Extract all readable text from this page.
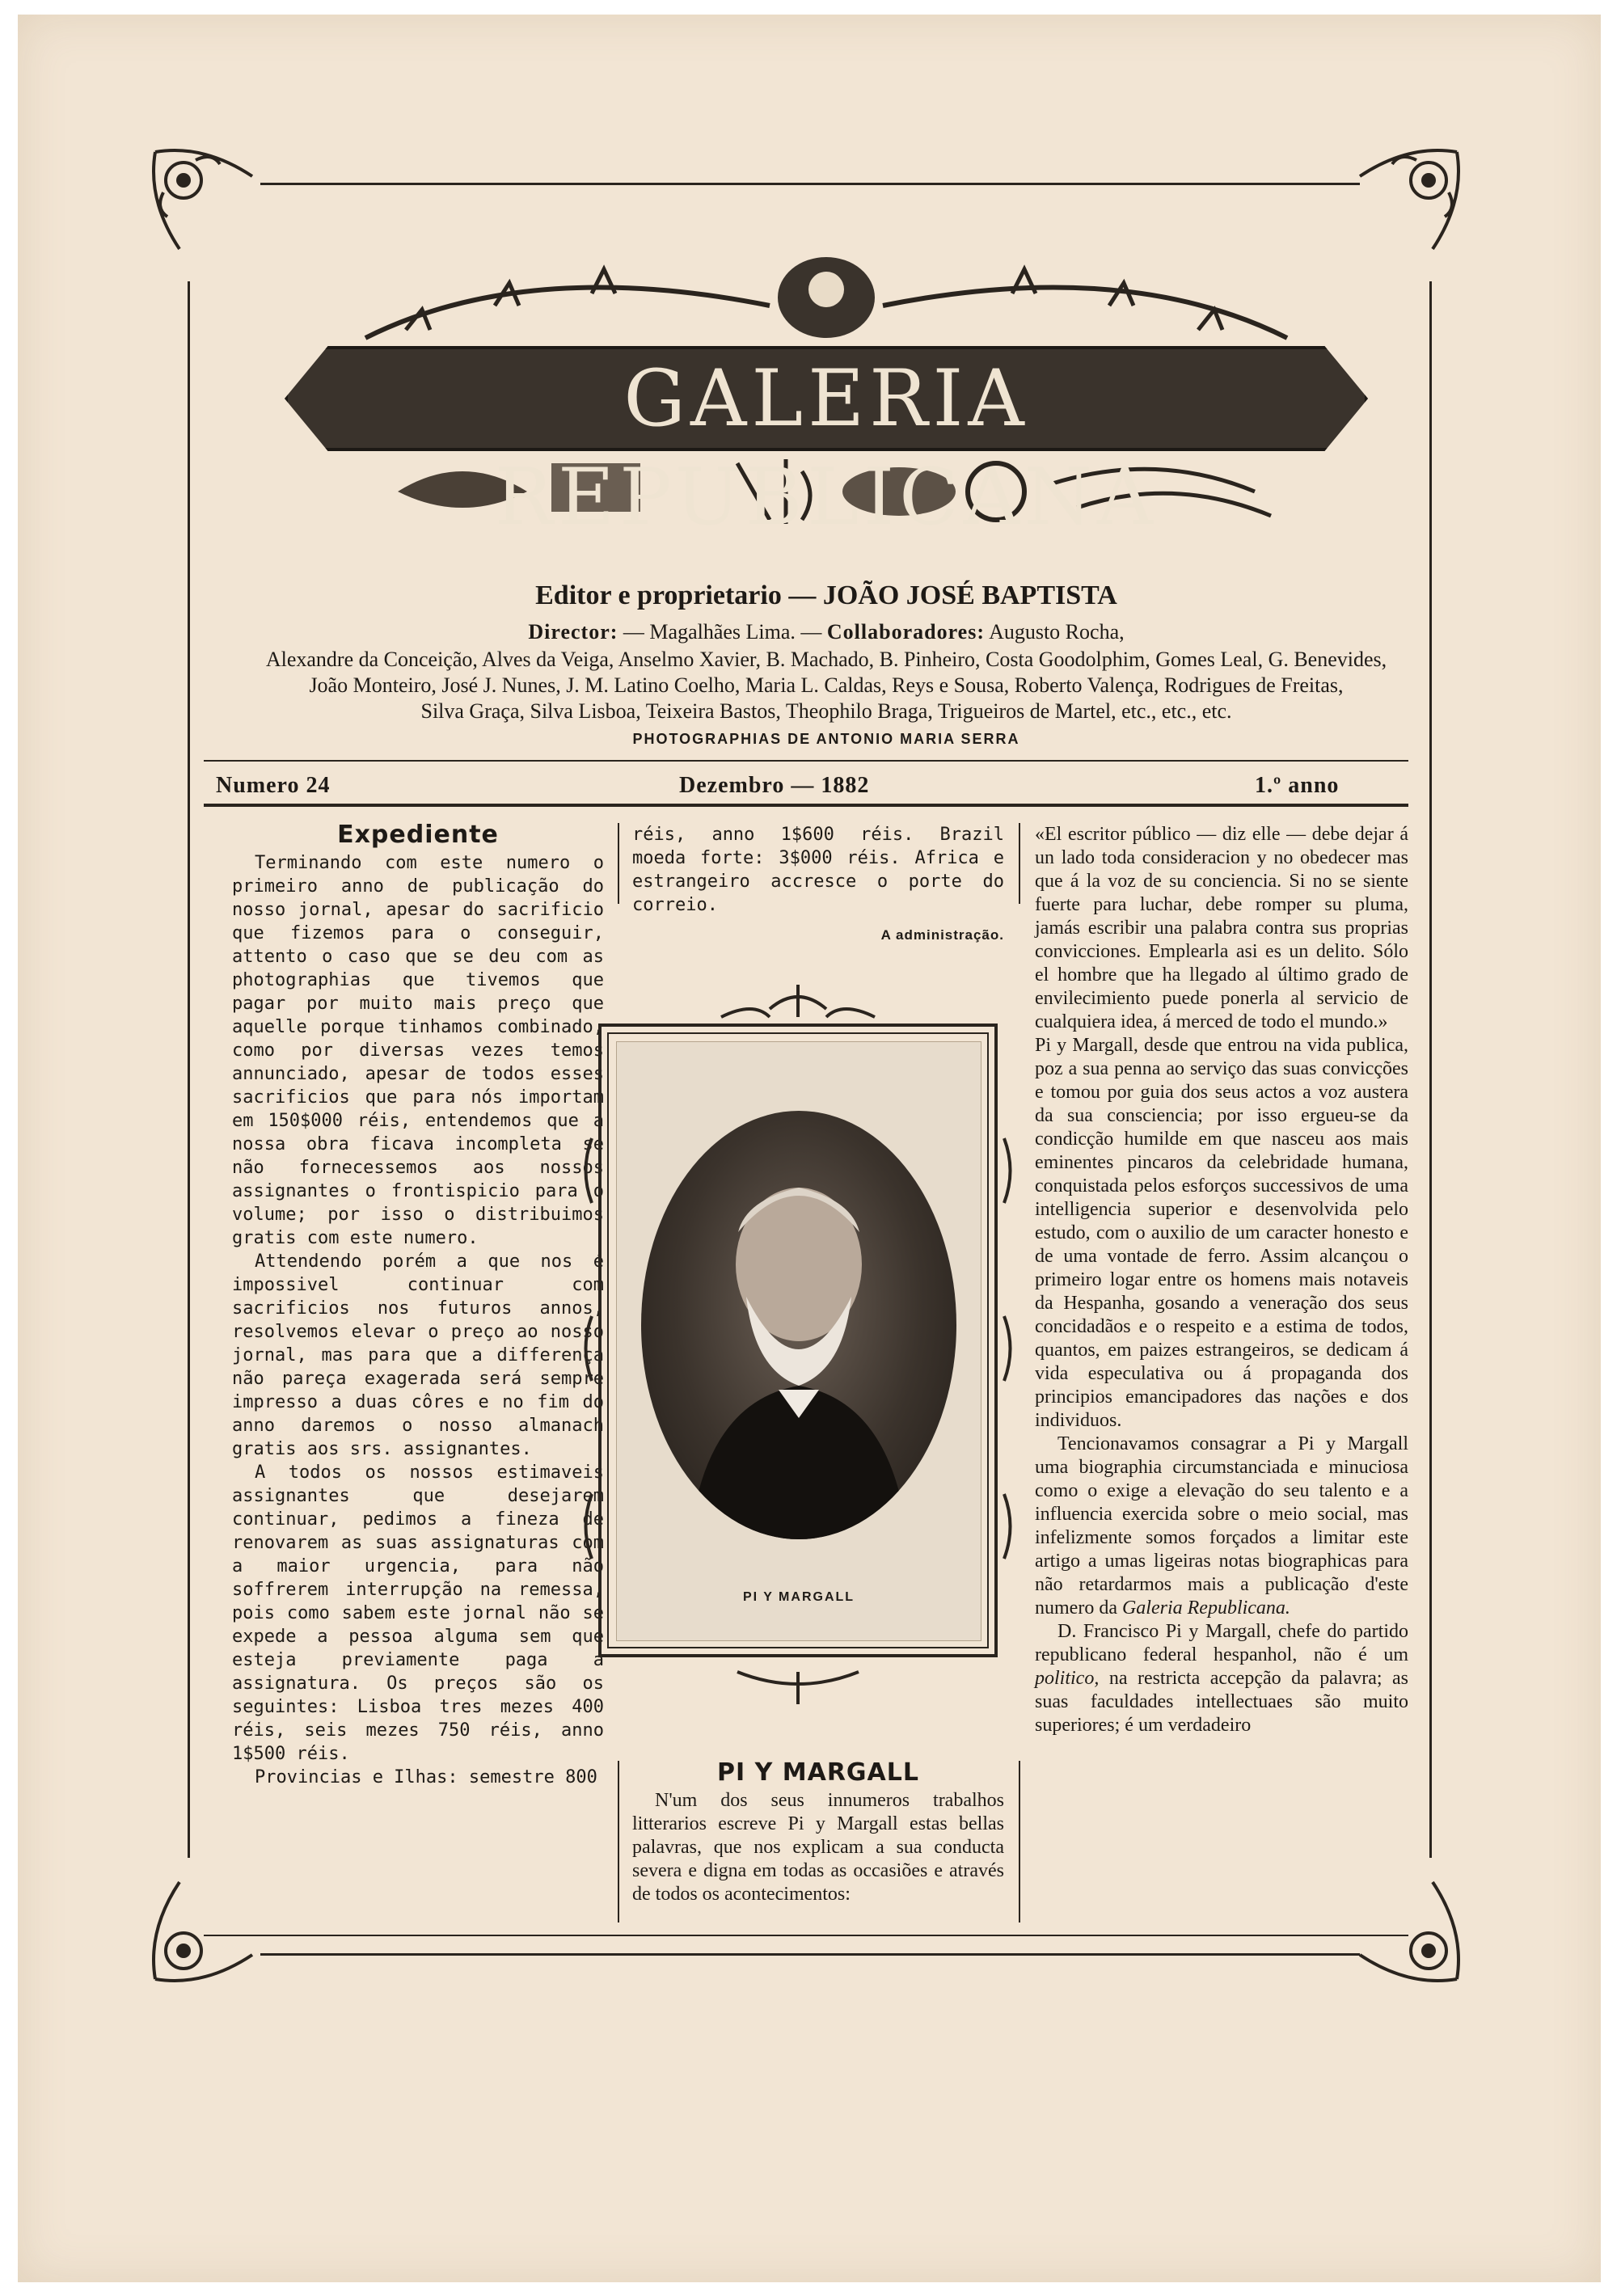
GALERIA REPUBLICANA
Editor e proprietario — JOÃO JOSÉ BAPTISTA
Director: — Magalhães Lima. — Collaboradores: Augusto Rocha,
Alexandre da Conceição, Alves da Veiga, Anselmo Xavier, B. Machado, B. Pinheiro, Costa Goodolphim, Gomes Leal, G. Benevides,
João Monteiro, José J. Nunes, J. M. Latino Coelho, Maria L. Caldas, Reys e Sousa, Roberto Valença, Rodrigues de Freitas,
Silva Graça, Silva Lisboa, Teixeira Bastos, Theophilo Braga, Trigueiros de Martel, etc., etc., etc.
PHOTOGRAPHIAS DE ANTONIO MARIA SERRA
Numero 24	Dezembro — 1882	1.º anno
Expediente

Terminando com este numero o primeiro anno de publicação do nosso jornal, apesar do sacrificio que fizemos para o conseguir, attento o caso que se deu com as photographias que tivemos que pagar por muito mais preço que aquelle porque tinhamos combinado, como por diversas vezes temos annunciado, apesar de todos esses sacrificios que para nós importam em 150$000 réis, entendemos que a nossa obra ficava incompleta se não fornecessemos aos nossos assignantes o frontispicio para o volume; por isso o distribuimos gratis com este numero.

Attendendo porém a que nos é impossivel continuar com sacrificios nos futuros annos, resolvemos elevar o preço ao nosso jornal, mas para que a differença não pareça exagerada será sempre impresso a duas côres e no fim do anno daremos o nosso almanach gratis aos srs. assignantes.

A todos os nossos estimaveis assignantes que desejarem continuar, pedimos a fineza de renovarem as suas assignaturas com a maior urgencia, para não soffrerem interrupção na remessa, pois como sabem este jornal não se expede a pessoa alguma sem que esteja previamente paga a assignatura. Os preços são os seguintes: Lisboa tres mezes 400 réis, seis mezes 750 réis, anno 1$500 réis.

Provincias e Ilhas: semestre 800

réis, anno 1$600 réis. Brazil moeda forte: 3$000 réis. Africa e estrangeiro accresce o porte do correio.

A administração.
PI Y MARGALL
PI Y MARGALL

N'um dos seus innumeros trabalhos litterarios escreve Pi y Margall estas bellas palavras, que nos explicam a sua conducta severa e digna em todas as occasiões e através de todos os acontecimentos:

«El escritor público — diz elle — debe dejar á un lado toda consideracion y no obedecer mas que á la voz de su conciencia. Si no se siente fuerte para luchar, debe romper su pluma, jamás escribir una palabra contra sus proprias convicciones. Emplearla asi es un delito. Sólo el hombre que ha llegado al último grado de envilecimiento puede ponerla al servicio de cualquiera idea, á merced de todo el mundo.»

Pi y Margall, desde que entrou na vida publica, poz a sua penna ao serviço das suas convicções e tomou por guia dos seus actos a voz austera da sua consciencia; por isso ergueu-se da condicção humilde em que nasceu aos mais eminentes pincaros da celebridade humana, conquistada pelos esforços successivos de uma intelligencia superior e desenvolvida pelo estudo, com o auxilio de um caracter honesto e de uma vontade de ferro. Assim alcançou o primeiro logar entre os homens mais notaveis da Hespanha, gosando a veneração dos seus concidadãos e o respeito e a estima de todos, quantos, em paizes estrangeiros, se dedicam á vida especulativa ou á propaganda dos principios emancipadores das nações e dos individuos.

Tencionavamos consagrar a Pi y Margall uma biographia circumstanciada e minuciosa como o exige a elevação do seu talento e a influencia exercida sobre o meio social, mas infelizmente somos forçados a limitar este artigo a umas ligeiras notas biographicas para não retardarmos mais a publicação d'este numero da Galeria Republicana.

D. Francisco Pi y Margall, chefe do partido republicano federal hespanhol, não é um politico, na restricta accepção da palavra; as suas faculdades intellectuaes são muito superiores; é um verdadeiro
